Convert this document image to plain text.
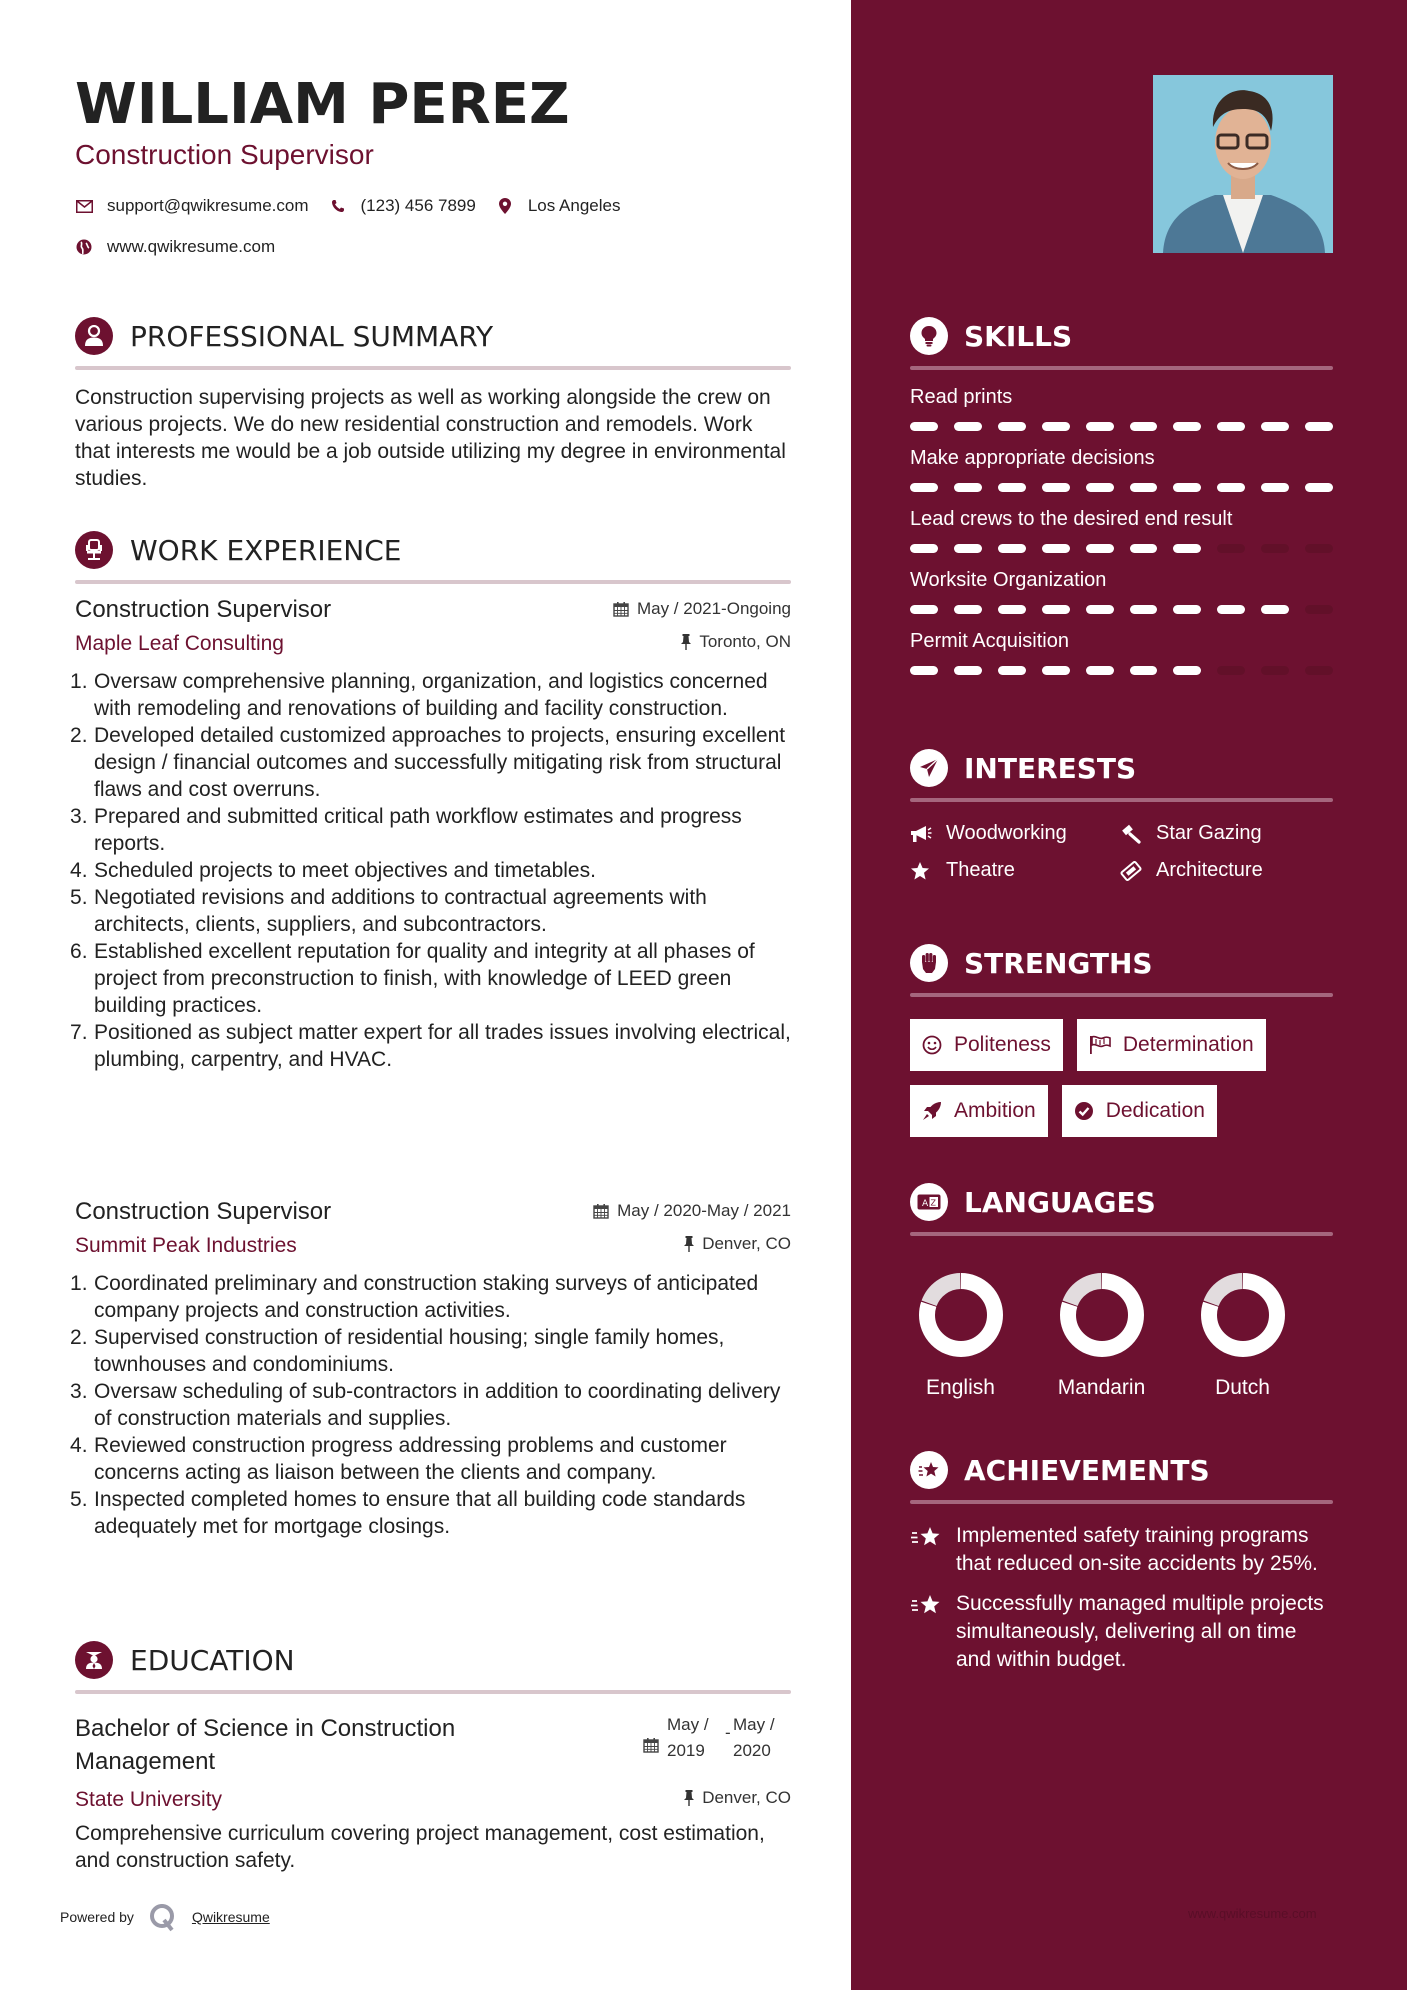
WILLIAM PEREZ
Construction Supervisor
support@qwikresume.com	(123) 456 7899	Los Angeles
www.qwikresume.com
PROFESSIONAL SUMMARY
Construction supervising projects as well as working alongside the crew on various projects. We do new residential construction and remodels. Work that interests me would be a job outside utilizing my degree in environmental studies.
WORK EXPERIENCE
Construction Supervisor	May / 2021-Ongoing
Maple Leaf Consulting	Toronto, ON
Oversaw comprehensive planning, organization, and logistics concerned with remodeling and renovations of building and facility construction.
Developed detailed customized approaches to projects, ensuring excellent design / financial outcomes and successfully mitigating risk from structural flaws and cost overruns.
Prepared and submitted critical path workflow estimates and progress reports.
Scheduled projects to meet objectives and timetables.
Negotiated revisions and additions to contractual agreements with architects, clients, suppliers, and subcontractors.
Established excellent reputation for quality and integrity at all phases of project from preconstruction to finish, with knowledge of LEED green building practices.
Positioned as subject matter expert for all trades issues involving electrical, plumbing, carpentry, and HVAC.
Construction Supervisor	May / 2020-May / 2021
Summit Peak Industries	Denver, CO
Coordinated preliminary and construction staking surveys of anticipated company projects and construction activities.
Supervised construction of residential housing; single family homes, townhouses and condominiums.
Oversaw scheduling of sub-contractors in addition to coordinating delivery of construction materials and supplies.
Reviewed construction progress addressing problems and customer concerns acting as liaison between the clients and company.
Inspected completed homes to ensure that all building code standards adequately met for mortgage closings.
EDUCATION
Bachelor of Science in Construction Management
May /
2019
- May /
2020
State University	Denver, CO
Comprehensive curriculum covering project management, cost estimation, and construction safety.
Powered by	Qwikresume
SKILLS
Read prints
Make appropriate decisions
Lead crews to the desired end result
Worksite Organization
Permit Acquisition
INTERESTS
Woodworking	Star Gazing
Theatre	Architecture
STRENGTHS
Politeness	Determination
Ambition	Dedication
A Z LANGUAGES
English	Mandarin	Dutch
ACHIEVEMENTS
Implemented safety training programs that reduced on-site accidents by 25%.
Successfully managed multiple projects simultaneously, delivering all on time and within budget.
www.qwikresume.com
